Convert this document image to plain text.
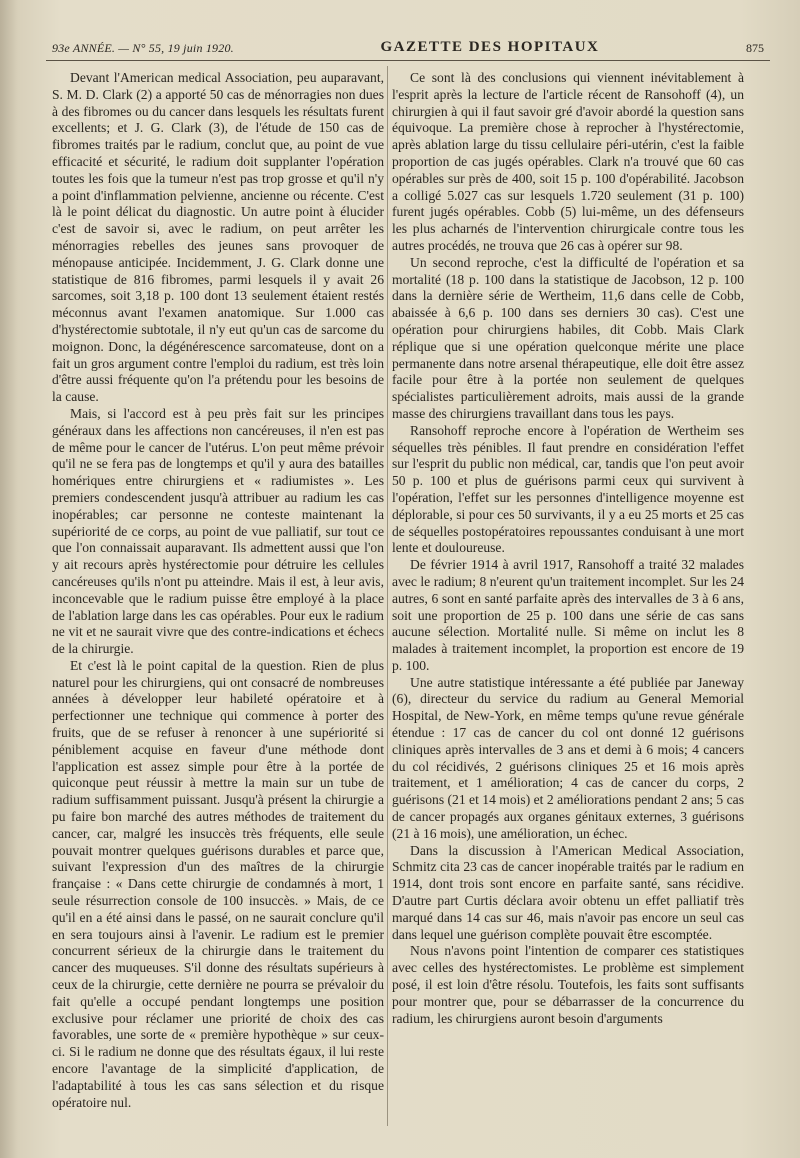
93e ANNÉE. — N° 55, 19 juin 1920.	GAZETTE DES HOPITAUX	875

Devant l'American medical Association, peu auparavant, S. M. D. Clark (2) a apporté 50 cas de ménorragies non dues à des fibromes ou du cancer dans lesquels les résultats furent excellents; et J. G. Clark (3), de l'étude de 150 cas de fibromes traités par le radium, conclut que, au point de vue efficacité et sécurité, le radium doit supplanter l'opération toutes les fois que la tumeur n'est pas trop grosse et qu'il n'y a point d'inflammation pelvienne, ancienne ou récente. C'est là le point délicat du diagnostic. Un autre point à élucider c'est de savoir si, avec le radium, on peut arrêter les ménorragies rebelles des jeunes sans provoquer de ménopause anticipée. Incidemment, J. G. Clark donne une statistique de 816 fibromes, parmi lesquels il y avait 26 sarcomes, soit 3,18 p. 100 dont 13 seulement étaient restés méconnus avant l'examen anatomique. Sur 1.000 cas d'hystérectomie subtotale, il n'y eut qu'un cas de sarcome du moignon. Donc, la dégénérescence sarcomateuse, dont on a fait un gros argument contre l'emploi du radium, est très loin d'être aussi fréquente qu'on l'a prétendu pour les besoins de la cause.

Mais, si l'accord est à peu près fait sur les principes généraux dans les affections non cancéreuses, il n'en est pas de même pour le cancer de l'utérus. L'on peut même prévoir qu'il ne se fera pas de longtemps et qu'il y aura des batailles homériques entre chirurgiens et « radiumistes ». Les premiers condescendent jusqu'à attribuer au radium les cas inopérables; car personne ne conteste maintenant la supériorité de ce corps, au point de vue palliatif, sur tout ce que l'on connaissait auparavant. Ils admettent aussi que l'on y ait recours après hystérectomie pour détruire les cellules cancéreuses qu'ils n'ont pu atteindre. Mais il est, à leur avis, inconcevable que le radium puisse être employé à la place de l'ablation large dans les cas opérables. Pour eux le radium ne vit et ne saurait vivre que des contre-indications et échecs de la chirurgie.

Et c'est là le point capital de la question. Rien de plus naturel pour les chirurgiens, qui ont consacré de nombreuses années à développer leur habileté opératoire et à perfectionner une technique qui commence à porter des fruits, que de se refuser à renoncer à une supériorité si péniblement acquise en faveur d'une méthode dont l'application est assez simple pour être à la portée de quiconque peut réussir à mettre la main sur un tube de radium suffisamment puissant. Jusqu'à présent la chirurgie a pu faire bon marché des autres méthodes de traitement du cancer, car, malgré les insuccès très fréquents, elle seule pouvait montrer quelques guérisons durables et parce que, suivant l'expression d'un des maîtres de la chirurgie française : « Dans cette chirurgie de condamnés à mort, 1 seule résurrection console de 100 insuccès. » Mais, de ce qu'il en a été ainsi dans le passé, on ne saurait conclure qu'il en sera toujours ainsi à l'avenir. Le radium est le premier concurrent sérieux de la chirurgie dans le traitement du cancer des muqueuses. S'il donne des résultats supérieurs à ceux de la chirurgie, cette dernière ne pourra se prévaloir du fait qu'elle a occupé pendant longtemps une position exclusive pour réclamer une priorité de choix des cas favorables, une sorte de « première hypothèque » sur ceux-ci. Si le radium ne donne que des résultats égaux, il lui reste encore l'avantage de la simplicité d'application, de l'adaptabilité à tous les cas sans sélection et du risque opératoire nul.

Ce sont là des conclusions qui viennent inévitablement à l'esprit après la lecture de l'article récent de Ransohoff (4), un chirurgien à qui il faut savoir gré d'avoir abordé la question sans équivoque. La première chose à reprocher à l'hystérectomie, après ablation large du tissu cellulaire péri-utérin, c'est la faible proportion de cas jugés opérables. Clark n'a trouvé que 60 cas opérables sur près de 400, soit 15 p. 100 d'opérabilité. Jacobson a colligé 5.027 cas sur lesquels 1.720 seulement (31 p. 100) furent jugés opérables. Cobb (5) lui-même, un des défenseurs les plus acharnés de l'intervention chirurgicale contre tous les autres procédés, ne trouva que 26 cas à opérer sur 98.

Un second reproche, c'est la difficulté de l'opération et sa mortalité (18 p. 100 dans la statistique de Jacobson, 12 p. 100 dans la dernière série de Wertheim, 11,6 dans celle de Cobb, abaissée à 6,6 p. 100 dans ses derniers 30 cas). C'est une opération pour chirurgiens habiles, dit Cobb. Mais Clark réplique que si une opération quelconque mérite une place permanente dans notre arsenal thérapeutique, elle doit être assez facile pour être à la portée non seulement de quelques spécialistes particulièrement adroits, mais aussi de la grande masse des chirurgiens travaillant dans tous les pays.

Ransohoff reproche encore à l'opération de Wertheim ses séquelles très pénibles. Il faut prendre en considération l'effet sur l'esprit du public non médical, car, tandis que l'on peut avoir 50 p. 100 et plus de guérisons parmi ceux qui survivent à l'opération, l'effet sur les personnes d'intelligence moyenne est déplorable, si pour ces 50 survivants, il y a eu 25 morts et 25 cas de séquelles postopératoires repoussantes conduisant à une mort lente et douloureuse.

De février 1914 à avril 1917, Ransohoff a traité 32 malades avec le radium; 8 n'eurent qu'un traitement incomplet. Sur les 24 autres, 6 sont en santé parfaite après des intervalles de 3 à 6 ans, soit une proportion de 25 p. 100 dans une série de cas sans aucune sélection. Mortalité nulle. Si même on inclut les 8 malades à traitement incomplet, la proportion est encore de 19 p. 100.

Une autre statistique intéressante a été publiée par Janeway (6), directeur du service du radium au General Memorial Hospital, de New-York, en même temps qu'une revue générale étendue : 17 cas de cancer du col ont donné 12 guérisons cliniques après intervalles de 3 ans et demi à 6 mois; 4 cancers du col récidivés, 2 guérisons cliniques 25 et 16 mois après traitement, et 1 amélioration; 4 cas de cancer du corps, 2 guérisons (21 et 14 mois) et 2 améliorations pendant 2 ans; 5 cas de cancer propagés aux organes génitaux externes, 3 guérisons (21 à 16 mois), une amélioration, un échec.

Dans la discussion à l'American Medical Association, Schmitz cita 23 cas de cancer inopérable traités par le radium en 1914, dont trois sont encore en parfaite santé, sans récidive. D'autre part Curtis déclara avoir obtenu un effet palliatif très marqué dans 14 cas sur 46, mais n'avoir pas encore un seul cas dans lequel une guérison complète pouvait être escomptée.

Nous n'avons point l'intention de comparer ces statistiques avec celles des hystérectomistes. Le problème est simplement posé, il est loin d'être résolu. Toutefois, les faits sont suffisants pour montrer que, pour se débarrasser de la concurrence du radium, les chirurgiens auront besoin d'arguments
